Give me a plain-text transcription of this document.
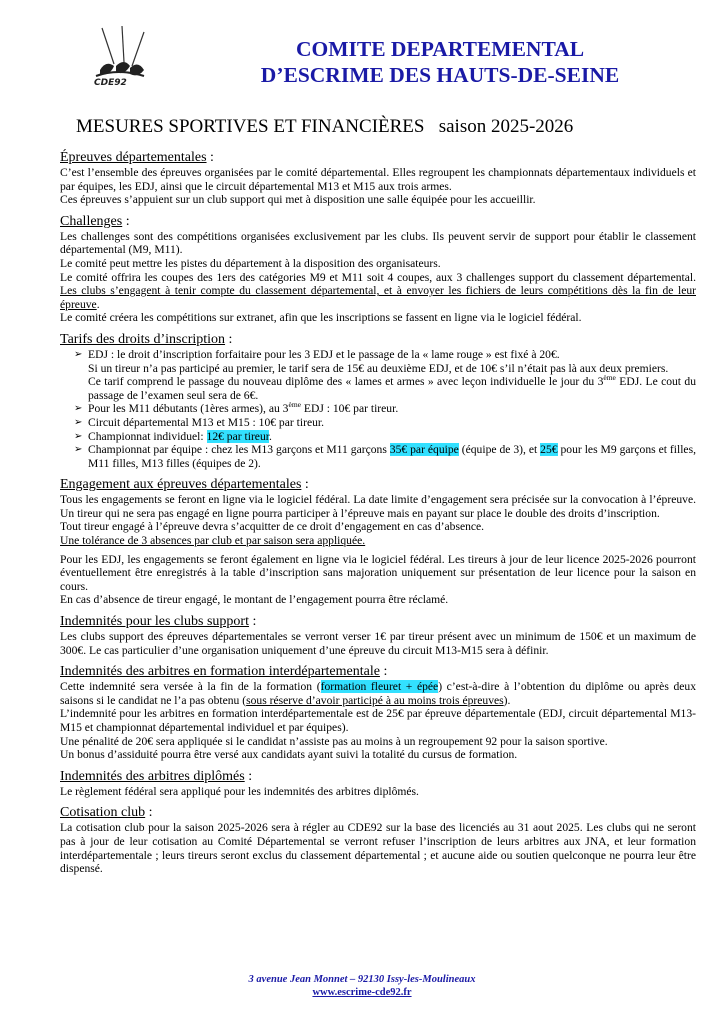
CDE92
COMITE DEPARTEMENTAL
D’ESCRIME DES HAUTS-DE-SEINE
MESURES SPORTIVES ET FINANCIÈRES saison 2025-2026
Épreuves départementales :

C’est l’ensemble des épreuves organisées par le comité départemental. Elles regroupent les championnats départementaux individuels et par équipes, les EDJ, ainsi que le circuit départemental M13 et M15 aux trois armes.

Ces épreuves s’appuient sur un club support qui met à disposition une salle équipée pour les accueillir.

Challenges :

Les challenges sont des compétitions organisées exclusivement par les clubs. Ils peuvent servir de support pour établir le classement départemental (M9, M11).

Le comité peut mettre les pistes du département à la disposition des organisateurs.

Le comité offrira les coupes des 1ers des catégories M9 et M11 soit 4 coupes, aux 3 challenges support du classement départemental. Les clubs s’engagent à tenir compte du classement départemental, et à envoyer les fichiers de leurs compétitions dès la fin de leur épreuve.

Le comité créera les compétitions sur extranet, afin que les inscriptions se fassent en ligne via le logiciel fédéral.

Tarifs des droits d’inscription :
➢ EDJ : le droit d’inscription forfaitaire pour les 3 EDJ et le passage de la « lame rouge » est fixé à 20€.
Si un tireur n’a pas participé au premier, le tarif sera de 15€ au deuxième EDJ, et de 10€ s’il n’était pas là aux deux premiers.
Ce tarif comprend le passage du nouveau diplôme des « lames et armes » avec leçon individuelle le jour du 3ème EDJ. Le cout du passage de l’examen seul sera de 6€.
➢ Pour les M11 débutants (1ères armes), au 3ème EDJ : 10€ par tireur.
➢ Circuit départemental M13 et M15 : 10€ par tireur.
➢ Championnat individuel: 12€ par tireur.
➢ Championnat par équipe : chez les M13 garçons et M11 garçons 35€ par équipe (équipe de 3), et 25€ pour les M9 garçons et filles, M11 filles, M13 filles (équipes de 2).
Engagement aux épreuves départementales :

Tous les engagements se feront en ligne via le logiciel fédéral. La date limite d’engagement sera précisée sur la convocation à l’épreuve. Un tireur qui ne sera pas engagé en ligne pourra participer à l’épreuve mais en payant sur place le double des droits d’inscription.

Tout tireur engagé à l’épreuve devra s’acquitter de ce droit d’engagement en cas d’absence.

Une tolérance de 3 absences par club et par saison sera appliquée.

Pour les EDJ, les engagements se feront également en ligne via le logiciel fédéral. Les tireurs à jour de leur licence 2025-2026 pourront éventuellement être enregistrés à la table d’inscription sans majoration uniquement sur présentation de leur licence pour la saison en cours.

En cas d’absence de tireur engagé, le montant de l’engagement pourra être réclamé.

Indemnités pour les clubs support :

Les clubs support des épreuves départementales se verront verser 1€ par tireur présent avec un minimum de 150€ et un maximum de 300€. Le cas particulier d’une organisation uniquement d’une épreuve du circuit M13-M15 sera à définir.

Indemnités des arbitres en formation interdépartementale :

Cette indemnité sera versée à la fin de la formation (formation fleuret + épée) c’est-à-dire à l’obtention du diplôme ou après deux saisons si le candidat ne l’a pas obtenu (sous réserve d’avoir participé à au moins trois épreuves).

L’indemnité pour les arbitres en formation interdépartementale est de 25€ par épreuve départementale (EDJ, circuit départemental M13-M15 et championnat départemental individuel et par équipes).

Une pénalité de 20€ sera appliquée si le candidat n’assiste pas au moins à un regroupement 92 pour la saison sportive.

Un bonus d’assiduité pourra être versé aux candidats ayant suivi la totalité du cursus de formation.

Indemnités des arbitres diplômés :

Le règlement fédéral sera appliqué pour les indemnités des arbitres diplômés.

Cotisation club :

La cotisation club pour la saison 2025-2026 sera à régler au CDE92 sur la base des licenciés au 31 aout 2025. Les clubs qui ne seront pas à jour de leur cotisation au Comité Départemental se verront refuser l’inscription de leurs arbitres aux JNA, et leur formation interdépartementale ; leurs tireurs seront exclus du classement départemental ; et aucune aide ou soutien quelconque ne pourra leur être dispensé.

3 avenue Jean Monnet – 92130 Issy-les-Moulineaux
www.escrime-cde92.fr
